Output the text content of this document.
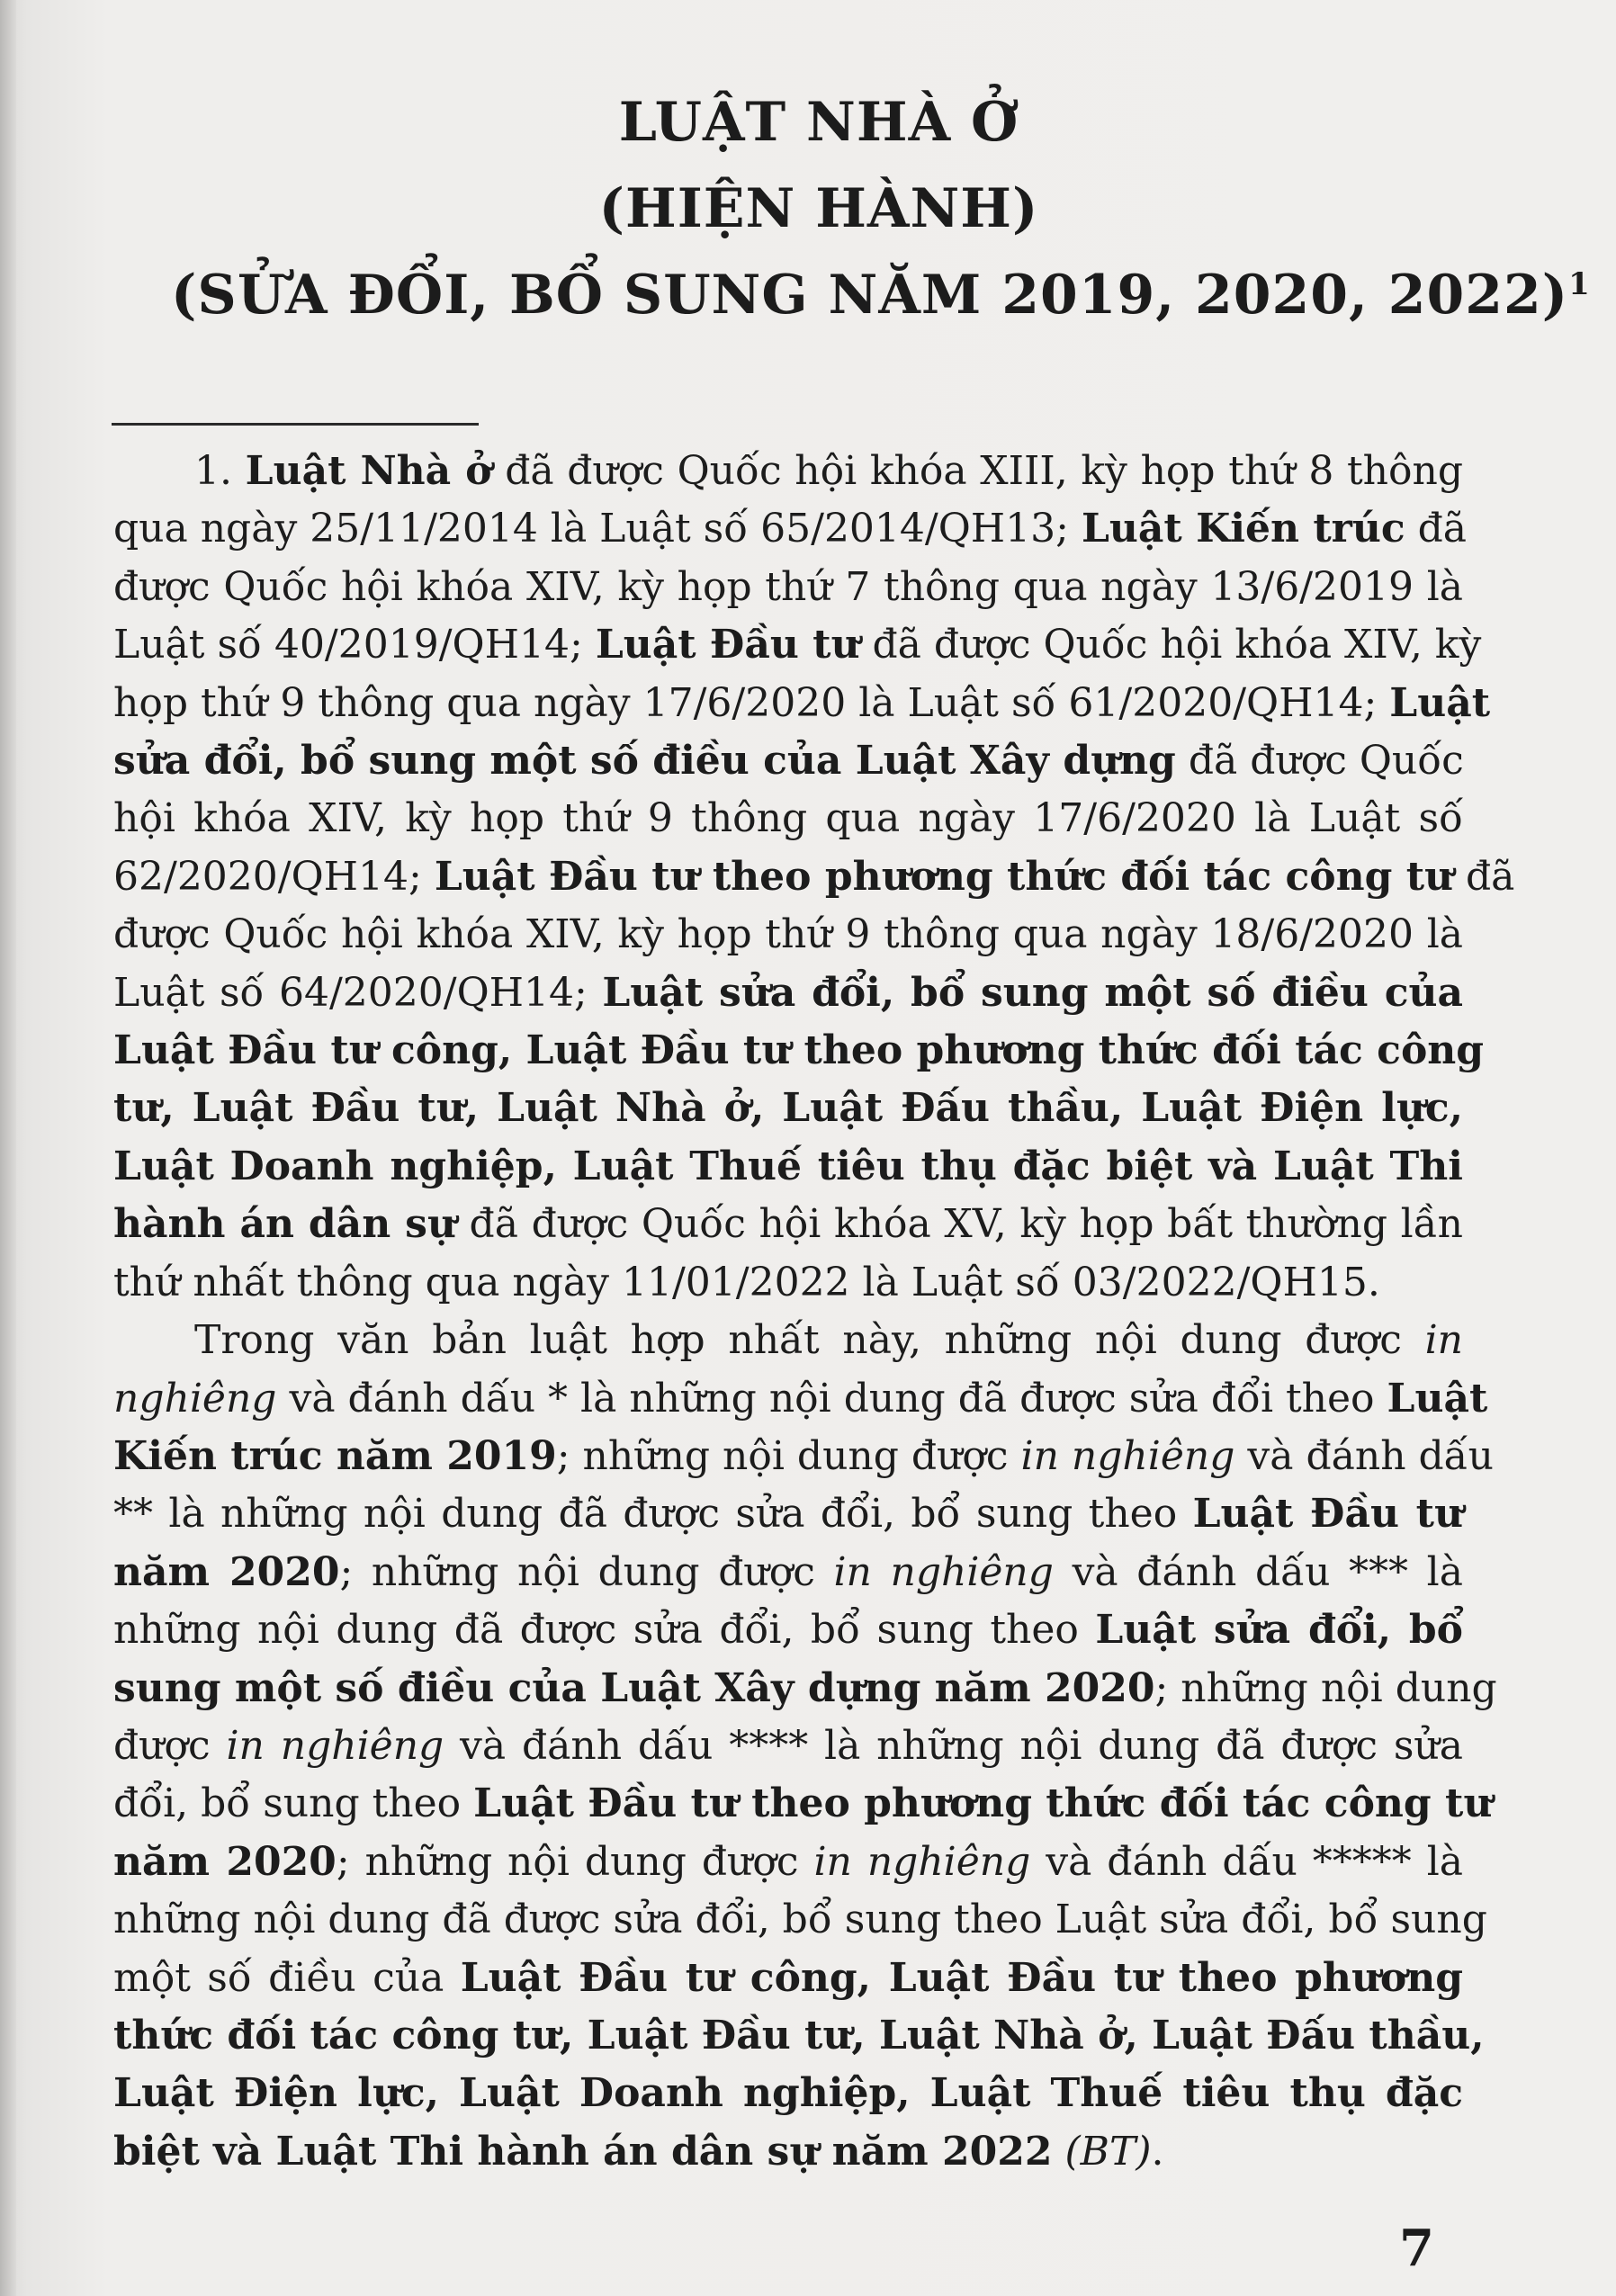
LUẬT NHÀ Ở
(HIỆN HÀNH)
(SỬA ĐỔI, BỔ SUNG NĂM 2019, 2020, 2022)$^1$

1. Luật Nhà ở đã được Quốc hội khóa XIII, kỳ họp thứ 8 thông
qua ngày 25/11/2014 là Luật số 65/2014/QH13; Luật Kiến trúc đã
được Quốc hội khóa XIV, kỳ họp thứ 7 thông qua ngày 13/6/2019 là
Luật số 40/2019/QH14; Luật Đầu tư đã được Quốc hội khóa XIV, kỳ
họp thứ 9 thông qua ngày 17/6/2020 là Luật số 61/2020/QH14; Luật
sửa đổi, bổ sung một số điều của Luật Xây dựng đã được Quốc
hội khóa XIV, kỳ họp thứ 9 thông qua ngày 17/6/2020 là Luật số
62/2020/QH14; Luật Đầu tư theo phương thức đối tác công tư đã
được Quốc hội khóa XIV, kỳ họp thứ 9 thông qua ngày 18/6/2020 là
Luật số 64/2020/QH14; Luật sửa đổi, bổ sung một số điều của
Luật Đầu tư công, Luật Đầu tư theo phương thức đối tác công
tư, Luật Đầu tư, Luật Nhà ở, Luật Đấu thầu, Luật Điện lực,
Luật Doanh nghiệp, Luật Thuế tiêu thụ đặc biệt và Luật Thi
hành án dân sự đã được Quốc hội khóa XV, kỳ họp bất thường lần
thứ nhất thông qua ngày 11/01/2022 là Luật số 03/2022/QH15.

Trong văn bản luật hợp nhất này, những nội dung được in
nghiêng và đánh dấu * là những nội dung đã được sửa đổi theo Luật
Kiến trúc năm 2019; những nội dung được in nghiêng và đánh dấu
** là những nội dung đã được sửa đổi, bổ sung theo Luật Đầu tư
năm 2020; những nội dung được in nghiêng và đánh dấu *** là
những nội dung đã được sửa đổi, bổ sung theo Luật sửa đổi, bổ
sung một số điều của Luật Xây dựng năm 2020; những nội dung
được in nghiêng và đánh dấu **** là những nội dung đã được sửa
đổi, bổ sung theo Luật Đầu tư theo phương thức đối tác công tư
năm 2020; những nội dung được in nghiêng và đánh dấu ***** là
những nội dung đã được sửa đổi, bổ sung theo Luật sửa đổi, bổ sung
một số điều của Luật Đầu tư công, Luật Đầu tư theo phương
thức đối tác công tư, Luật Đầu tư, Luật Nhà ở, Luật Đấu thầu,
Luật Điện lực, Luật Doanh nghiệp, Luật Thuế tiêu thụ đặc
biệt và Luật Thi hành án dân sự năm 2022 (BT).

7
